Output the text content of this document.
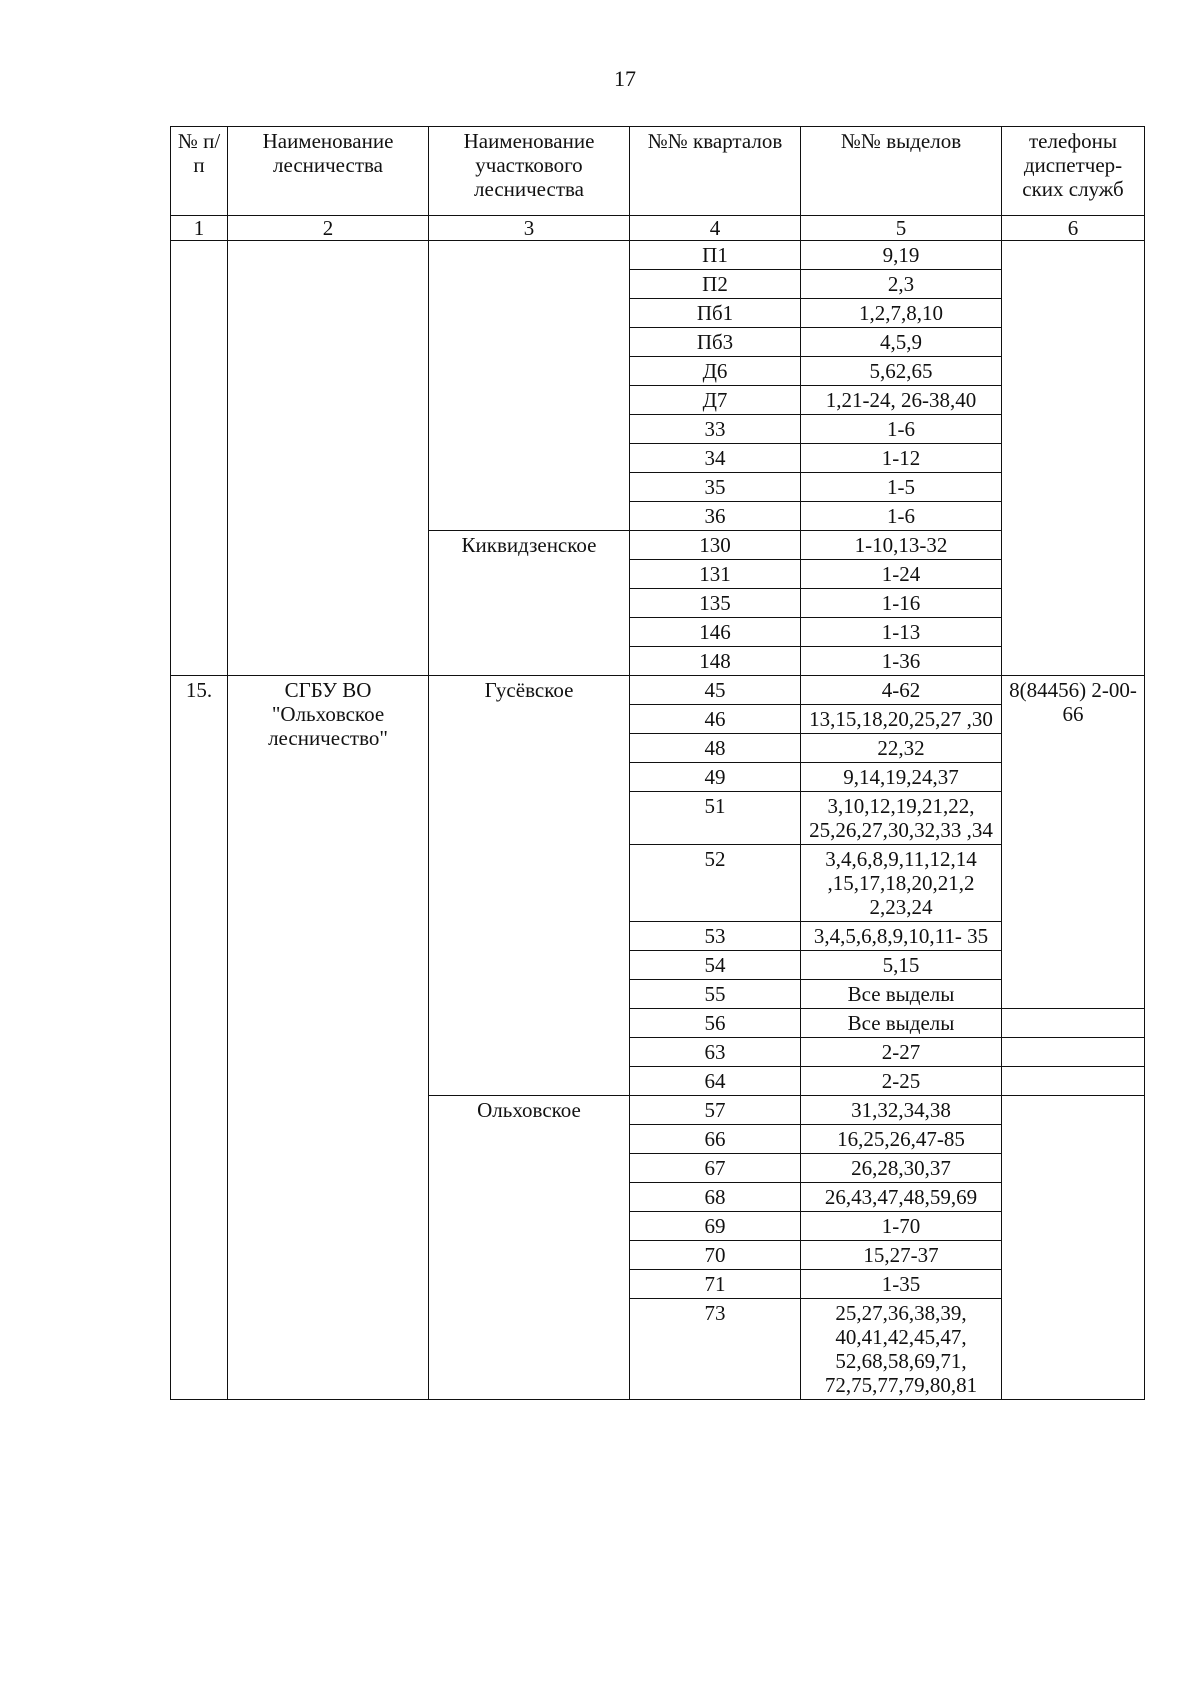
17
№ п/п	Наименование лесничества	Наименование участкового лесничества	№№ кварталов	№№ выделов	телефоны диспетчер-ских служб
1	2	3	4	5	6
			П1	9,19	
			П2	2,3	
			Пб1	1,2,7,8,10	
			Пб3	4,5,9	
			Д6	5,62,65	
			Д7	1,21-24, 26-38,40	
			33	1-6	
			34	1-12	
			35	1-5	
			36	1-6	
		Киквидзенское	130	1-10,13-32	
			131	1-24	
			135	1-16	
			146	1-13	
			148	1-36	
15.	СГБУ ВО "Ольховское лесничество"	Гусёвское	45	4-62	8(84456) 2-00-66
			46	13,15,18,20,25,27 ,30	
			48	22,32	
			49	9,14,19,24,37	
			51	3,10,12,19,21,22, 25,26,27,30,32,33 ,34	
			52	3,4,6,8,9,11,12,14 ,15,17,18,20,21,2 2,23,24	
			53	3,4,5,6,8,9,10,11- 35	
			54	5,15	
			55	Все выделы	
			56	Все выделы	
			63	2-27	
			64	2-25	
		Ольховское	57	31,32,34,38	
			66	16,25,26,47-85	
			67	26,28,30,37	
			68	26,43,47,48,59,69	
			69	1-70	
			70	15,27-37	
			71	1-35	
			73	25,27,36,38,39, 40,41,42,45,47, 52,68,58,69,71, 72,75,77,79,80,81	
